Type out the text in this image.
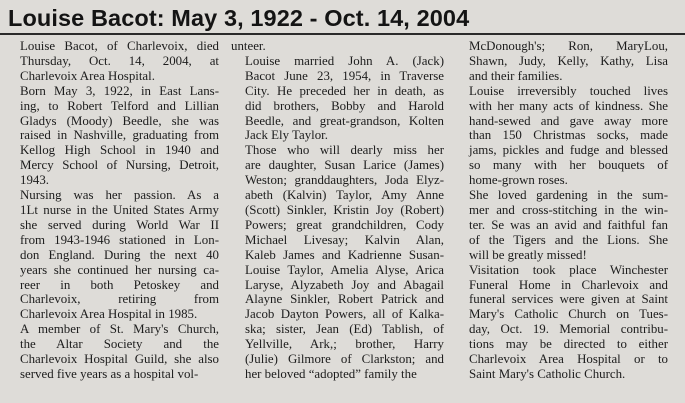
Louise Bacot: May 3, 1922 - Oct. 14, 2004

Louise Bacot, of Charlevoix, died
Thursday, Oct. 14, 2004, at
Charlevoix Area Hospital.

Born May 3, 1922, in East Lans-
ing, to Robert Telford and Lillian
Gladys (Moody) Beedle, she was
raised in Nashville, graduating from
Kellog High School in 1940 and
Mercy School of Nursing, Detroit,
1943.

Nursing was her passion. As a
1Lt nurse in the United States Army
she served during World War II
from 1943-1946 stationed in Lon-
don England. During the next 40
years she continued her nursing ca-
reer in both Petoskey and
Charlevoix, retiring from
Charlevoix Area Hospital in 1985.

A member of St. Mary's Church,
the Altar Society and the
Charlevoix Hospital Guild, she also
served five years as a hospital vol-

unteer.

Louise married John A. (Jack)
Bacot June 23, 1954, in Traverse
City. He preceded her in death, as
did brothers, Bobby and Harold
Beedle, and great-grandson, Kolten
Jack Ely Taylor.

Those who will dearly miss her
are daughter, Susan Larice (James)
Weston; granddaughters, Joda Elyz-
abeth (Kalvin) Taylor, Amy Anne
(Scott) Sinkler, Kristin Joy (Robert)
Powers; great grandchildren, Cody
Michael Livesay; Kalvin Alan,
Kaleb James and Kadrienne Susan-
Louise Taylor, Amelia Alyse, Arica
Laryse, Alyzabeth Joy and Abagail
Alayne Sinkler, Robert Patrick and
Jacob Dayton Powers, all of Kalka-
ska; sister, Jean (Ed) Tablish, of
Yellville, Ark,; brother, Harry
(Julie) Gilmore of Clarkston; and
her beloved “adopted” family the

McDonough's; Ron, MaryLou,
Shawn, Judy, Kelly, Kathy, Lisa
and their families.

Louise irreversibly touched lives
with her many acts of kindness. She
hand-sewed and gave away more
than 150 Christmas socks, made
jams, pickles and fudge and blessed
so many with her bouquets of
home-grown roses.

She loved gardening in the sum-
mer and cross-stitching in the win-
ter. Se was an avid and faithful fan
of the Tigers and the Lions. She
will be greatly missed!

Visitation took place Winchester
Funeral Home in Charlevoix and
funeral services were given at Saint
Mary's Catholic Church on Tues-
day, Oct. 19. Memorial contribu-
tions may be directed to either
Charlevoix Area Hospital or to
Saint Mary's Catholic Church.
